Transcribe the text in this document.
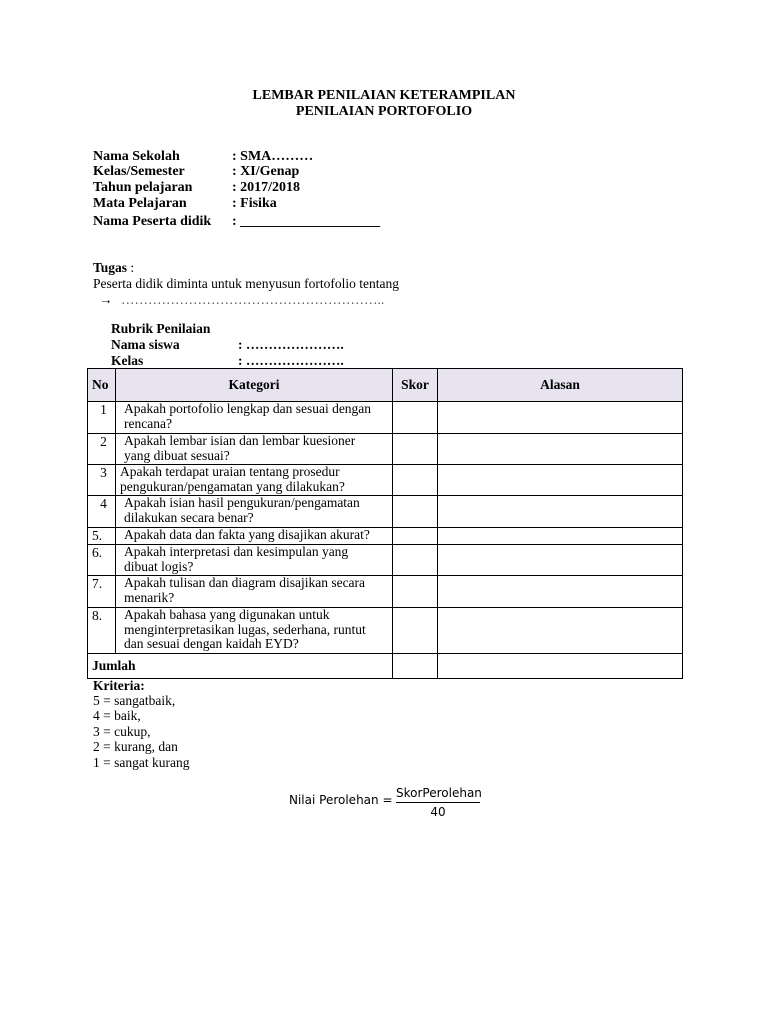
LEMBAR PENILAIAN KETERAMPILAN
PENILAIAN PORTOFOLIO
Nama Sekolah	: SMA………
Kelas/Semester	: XI/Genap
Tahun pelajaran	: 2017/2018
Mata Pelajaran	: Fisika
Nama Peserta didik : ____________________
Tugas :
Peserta didik diminta untuk menyusun fortofolio tentang
→ …………………………………………………..
Rubrik Penilaian
Nama siswa	: ………………….
Kelas	: ………………….
No	Kategori	Skor	Alasan
1	Apakah portofolio lengkap dan sesuai dengan
rencana?		

2	Apakah lembar isian dan lembar kuesioner
yang dibuat sesuai?		

3	Apakah terdapat uraian tentang prosedur
pengukuran/pengamatan yang dilakukan?		

4	Apakah isian hasil pengukuran/pengamatan
dilakukan secara benar?		

5.	Apakah data dan fakta yang disajikan akurat?		

6.	Apakah interpretasi dan kesimpulan yang
dibuat logis?		

7.	Apakah tulisan dan diagram disajikan secara
menarik?		

8.	Apakah bahasa yang digunakan untuk
menginterpretasikan lugas, sederhana, runtut
dan sesuai dengan kaidah EYD?		

Jumlah			
Kriteria:
5 = sangatbaik,
4 = baik,
3 = cukup,
2 = kurang, dan
1 = sangat kurang
Nilai Perolehan = SkorPerolehan
40
